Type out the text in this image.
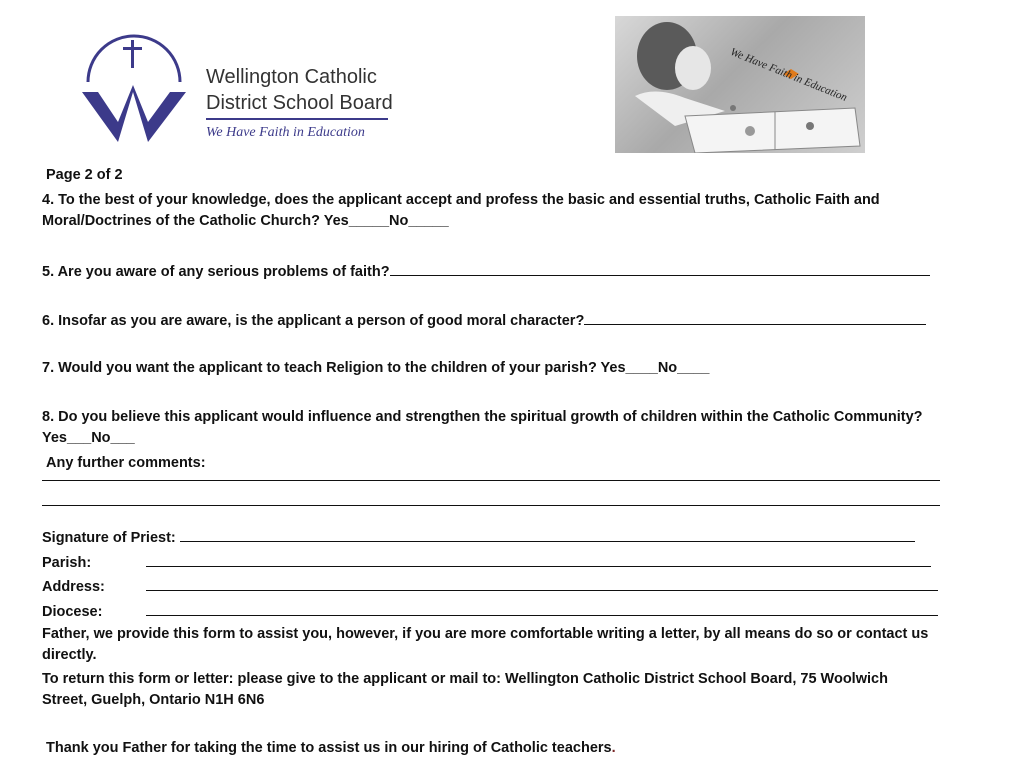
Wellington Catholic
District School Board
We Have Faith in Education
We Have Faith in Education
Page 2 of 2
4. To the best of your knowledge, does the applicant accept and profess the basic and essential truths, Catholic Faith and Moral/Doctrines of the Catholic Church? Yes_____No_____
5. Are you aware of any serious problems of faith?
6. Insofar as you are aware, is the applicant a person of good moral character?
7. Would you want the applicant to teach Religion to the children of your parish? Yes____No____
8. Do you believe this applicant would influence and strengthen the spiritual growth of children within the Catholic Community? Yes___No___
Any further comments:
Signature of Priest:
Parish:
Address:
Diocese:
Father, we provide this form to assist you, however, if you are more comfortable writing a letter, by all means do so or contact us directly.
To return this form or letter: please give to the applicant or mail to: Wellington Catholic District School Board, 75 Woolwich Street, Guelph, Ontario N1H 6N6
Thank you Father for taking the time to assist us in our hiring of Catholic teachers.
